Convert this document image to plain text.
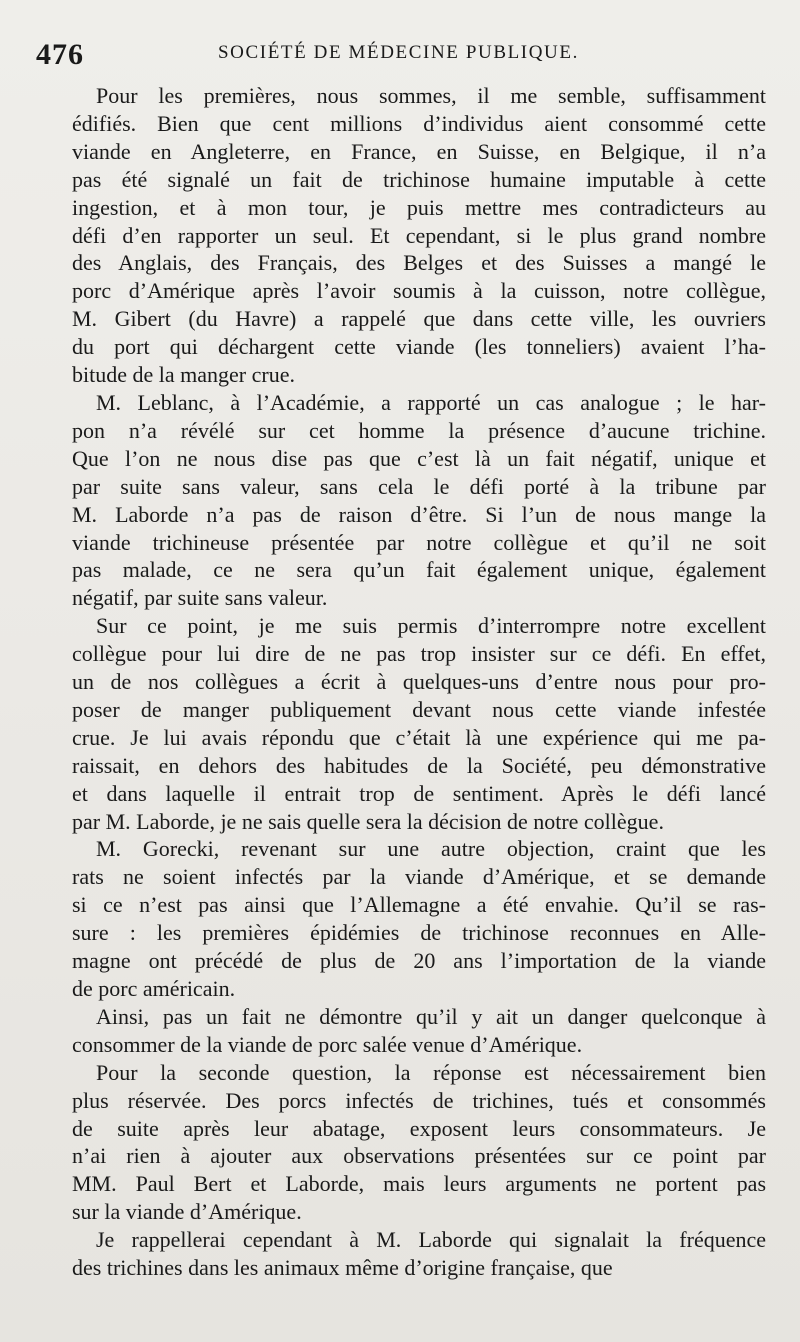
476	SOCIÉTÉ DE MÉDECINE PUBLIQUE.
Pour les premières, nous sommes, il me semble, suffisamment
édifiés. Bien que cent millions d’individus aient consommé cette
viande en Angleterre, en France, en Suisse, en Belgique, il n’a
pas été signalé un fait de trichinose humaine imputable à cette
ingestion, et à mon tour, je puis mettre mes contradicteurs au
défi d’en rapporter un seul. Et cependant, si le plus grand nombre
des Anglais, des Français, des Belges et des Suisses a mangé le
porc d’Amérique après l’avoir soumis à la cuisson, notre collègue,
M. Gibert (du Havre) a rappelé que dans cette ville, les ouvriers
du port qui déchargent cette viande (les tonneliers) avaient l’ha-
bitude de la manger crue.
M. Leblanc, à l’Académie, a rapporté un cas analogue ; le har-
pon n’a révélé sur cet homme la présence d’aucune trichine.
Que l’on ne nous dise pas que c’est là un fait négatif, unique et
par suite sans valeur, sans cela le défi porté à la tribune par
M. Laborde n’a pas de raison d’être. Si l’un de nous mange la
viande trichineuse présentée par notre collègue et qu’il ne soit
pas malade, ce ne sera qu’un fait également unique, également
négatif, par suite sans valeur.
Sur ce point, je me suis permis d’interrompre notre excellent
collègue pour lui dire de ne pas trop insister sur ce défi. En effet,
un de nos collègues a écrit à quelques-uns d’entre nous pour pro-
poser de manger publiquement devant nous cette viande infestée
crue. Je lui avais répondu que c’était là une expérience qui me pa-
raissait, en dehors des habitudes de la Société, peu démonstrative
et dans laquelle il entrait trop de sentiment. Après le défi lancé
par M. Laborde, je ne sais quelle sera la décision de notre collègue.
M. Gorecki, revenant sur une autre objection, craint que les
rats ne soient infectés par la viande d’Amérique, et se demande
si ce n’est pas ainsi que l’Allemagne a été envahie. Qu’il se ras-
sure : les premières épidémies de trichinose reconnues en Alle-
magne ont précédé de plus de 20 ans l’importation de la viande
de porc américain.
Ainsi, pas un fait ne démontre qu’il y ait un danger quelconque à
consommer de la viande de porc salée venue d’Amérique.
Pour la seconde question, la réponse est nécessairement bien
plus réservée. Des porcs infectés de trichines, tués et consommés
de suite après leur abatage, exposent leurs consommateurs. Je
n’ai rien à ajouter aux observations présentées sur ce point par
MM. Paul Bert et Laborde, mais leurs arguments ne portent pas
sur la viande d’Amérique.
Je rappellerai cependant à M. Laborde qui signalait la fréquence
des trichines dans les animaux même d’origine française, que
